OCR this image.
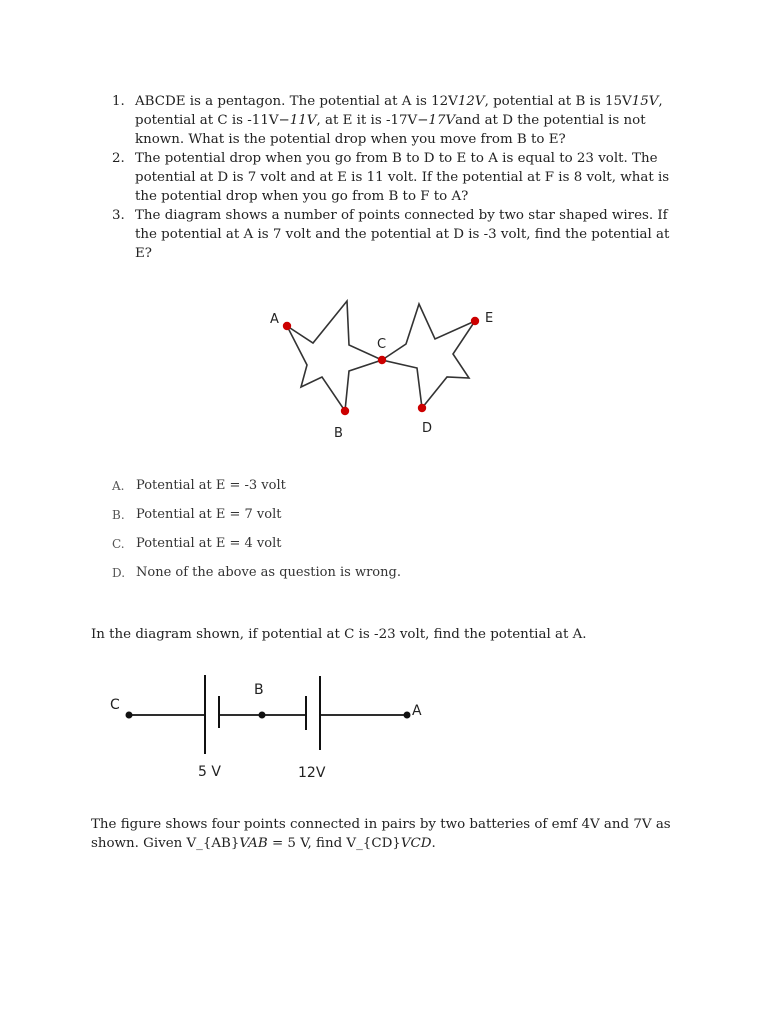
1. ABCDE is a pentagon. The potential at A is 12V12V, potential at B is 15V15V, potential at C is -11V−11V, at E it is -17V−17Vand at D the potential is not known. What is the potential drop when you move from B to E?
2. The potential drop when you go from B to D to E to A is equal to 23 volt. The potential at D is 7 volt and at E is 11 volt. If the potential at F is 8 volt, what is the potential drop when you go from B to F to A?
3. The diagram shows a number of points connected by two star shaped wires. If the potential at A is 7 volt and the potential at D is -3 volt, find the potential at E?
A
B
C
D
E
A. Potential at E = -3 volt
B. Potential at E = 7 volt
C. Potential at E = 4 volt
D. None of the above as question is wrong.

In the diagram shown, if potential at C is -23 volt, find the potential at A.

C
B
A
5 V	12V

The figure shows four points connected in pairs by two batteries of emf 4V and 7V as shown. Given V_{AB}VAB = 5 V, find V_{CD}VCD.
